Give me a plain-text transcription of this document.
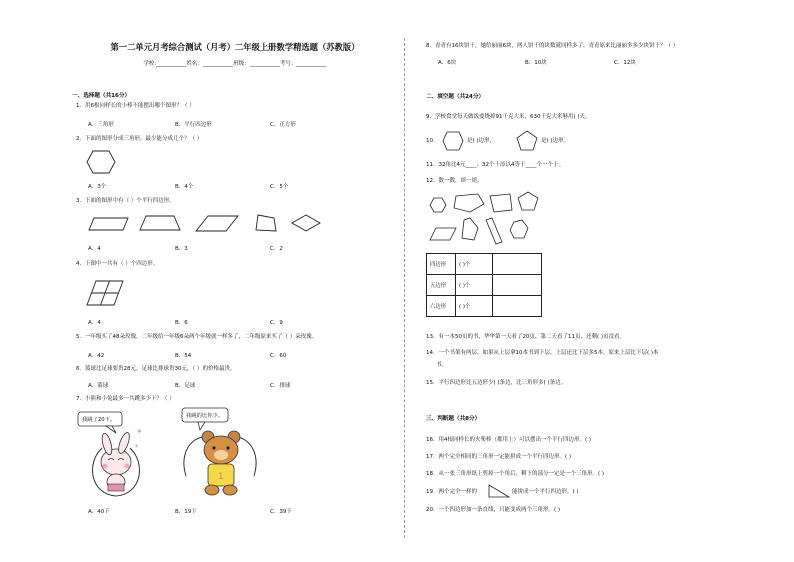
第一二单元月考综合测试（月考）二年级上册数学精选题（苏教版）
学校:___________姓名：___________班级：___________考号：___________
一、选择题（共16分）
1．用6根同样长的小棒不能摆出哪个图形？（ ）
A．三角形	B．平行四边形	C．正方形
2．下面的图形分成三角形，最少能分成几个？（ ）
A．3个	B．4个	C．5个
3．下面的图形中有（ ）个平行四边形。
A．4	B．3	C．2
4．下图中一共有（ ）个四边形。
A．4	B．6	C．9
5．一年级买了48朵玫瑰，二年级给一年级6朵两个年级就一样多了，二年级原来买了（ ）朵玫瑰。
A．42	B．54	C．60
6．篮球比足球要贵28元，足球比排球贵30元，（ ）的价格最贵。
A．篮球	B．足球	C．排球
7．小熊和小兔最多一共跳多少下？（ ）
✦
✦
我跳了20下。
1
我跳的比你少。
A．40下	B．19下	C．39下
8．青青有16块饼干，她给丽丽6块，两人饼干的块数就同样多了。青青原来比丽丽多多少块饼干？（ ）
A．6块	B．10块	C．12块
二、填空题（共24分）
9．学校食堂每天做饭要烧掉91千克大米，630千克大米够用( )天。
10．	是( )边形，	是( )边形。
11．32角比4元____；32个十添以4等于____个一个十。
12．数一数，填一填。
四边形	( )个	
五边形	( )个	
六边形	( )个	
13．有一本50页的书，华华第一天看了20页，第二天看了11页，还剩( )页没看。
14．一个书架有两层。如果从上层拿10本书到下层，上层还比下层多5本。原来上层比下层( )本
书。
15．平行四边形比五边形少( )条边，比三角形多( )条边。
三、判断题（共8分）
16．用4根同样长的火柴棒（都用上）可以摆出一个平行四边形。( )
17．两个完全相同的三角形一定能拼成一个平行四边形。( )
18．从一张三角形纸上剪掉一个角后，剩下的部分一定是一个三角形。( )
19．两个完全一样的	能拼成一个平行四边形。( )
20．一个四边形加一条直线，只能变成两个三角形。( )
